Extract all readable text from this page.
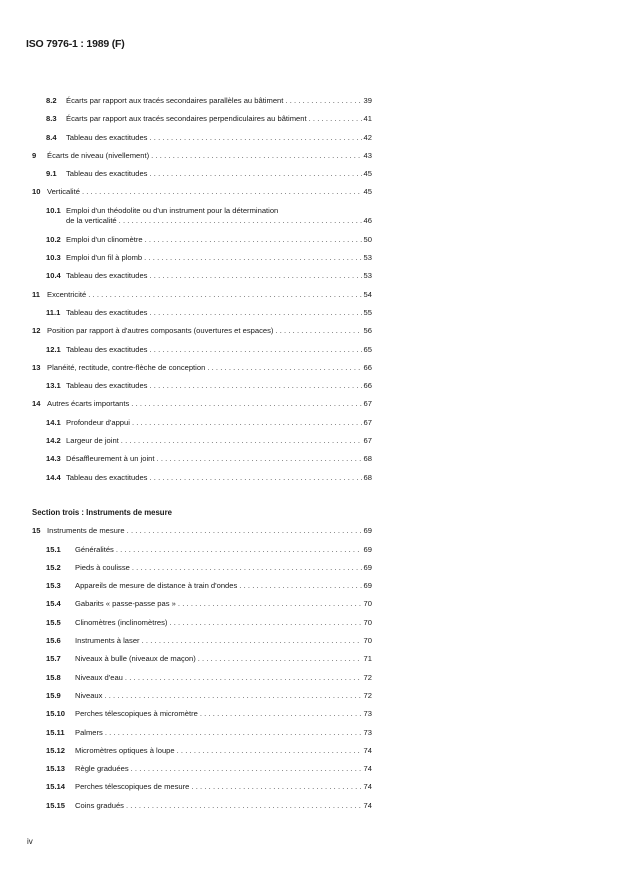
ISO 7976-1 : 1989 (F)
8.2 Écarts par rapport aux tracés secondaires parallèles au bâtiment .....	39
8.3 Écarts par rapport aux tracés secondaires perpendiculaires au bâtiment .....	41
8.4 Tableau des exactitudes .....	42
9 Écarts de niveau (nivellement) .....	43
9.1 Tableau des exactitudes .....	45
10 Verticalité .....	45
10.1 Emploi d'un théodolite ou d'un instrument pour la détermination
de la verticalité .....	46
10.2 Emploi d'un clinomètre .....	50
10.3 Emploi d'un fil à plomb .....	53
10.4 Tableau des exactitudes .....	53
11 Excentricité .....	54
11.1 Tableau des exactitudes .....	55
12 Position par rapport à d'autres composants (ouvertures et espaces) .....	56
12.1 Tableau des exactitudes .....	65
13 Planéité, rectitude, contre-flèche de conception .....	66
13.1 Tableau des exactitudes .....	66
14 Autres écarts importants .....	67
14.1 Profondeur d'appui .....	67
14.2 Largeur de joint .....	67
14.3 Désaffleurement à un joint .....	68
14.4 Tableau des exactitudes .....	68
Section trois : Instruments de mesure
15 Instruments de mesure .....	69
15.1 Généralités .....	69
15.2 Pieds à coulisse .....	69
15.3 Appareils de mesure de distance à train d'ondes .....	69
15.4 Gabarits « passe-passe pas » .....	70
15.5 Clinomètres (inclinomètres) .....	70
15.6 Instruments à laser .....	70
15.7 Niveaux à bulle (niveaux de maçon) .....	71
15.8 Niveaux d'eau .....	72
15.9 Niveaux .....	72
15.10 Perches télescopiques à micromètre .....	73
15.11 Palmers .....	73
15.12 Micromètres optiques à loupe .....	74
15.13 Règle graduées .....	74
15.14 Perches télescopiques de mesure .....	74
15.15 Coins gradués .....	74
iv
